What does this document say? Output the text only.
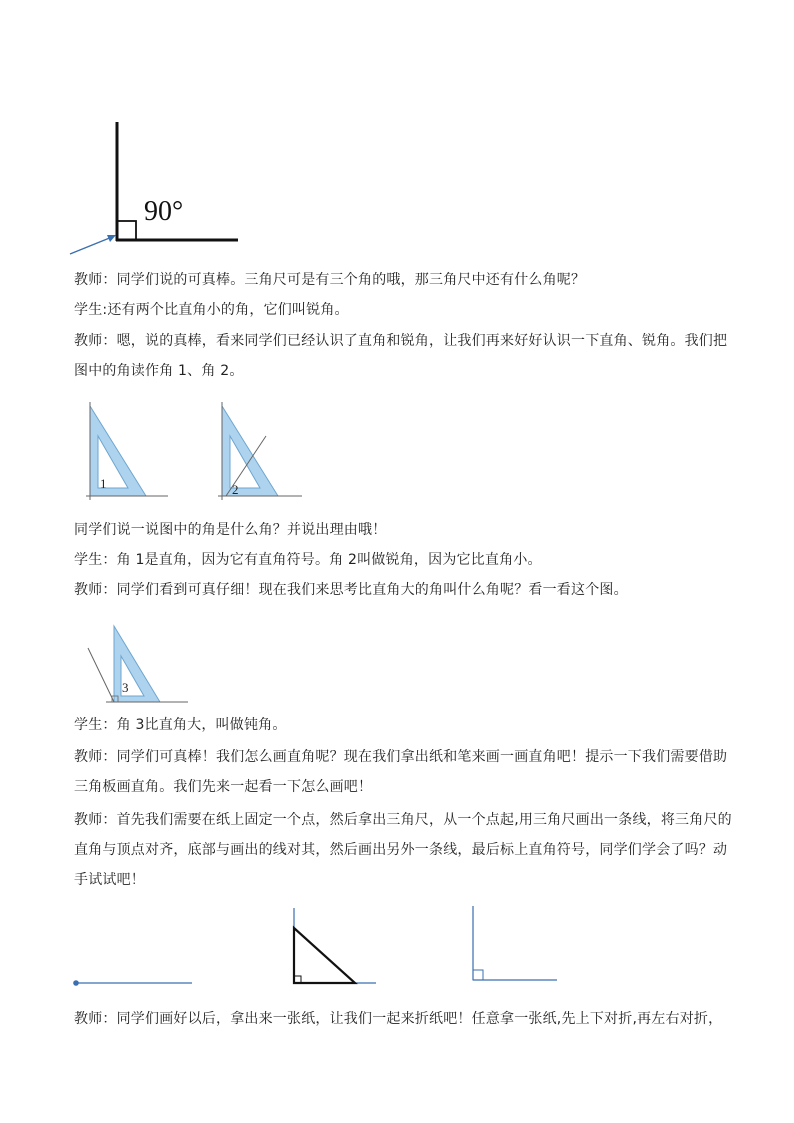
90°

教师：同学们说的可真棒。三角尺可是有三个角的哦，那三角尺中还有什么角呢？

学生:还有两个比直角小的角，它们叫锐角。

教师：嗯，说的真棒，看来同学们已经认识了直角和锐角，让我们再来好好认识一下直角、锐角。我们把图中的角读作角 1、角 2。

1	2

同学们说一说图中的角是什么角？并说出理由哦！

学生：角 1是直角，因为它有直角符号。角 2叫做锐角，因为它比直角小。

教师：同学们看到可真仔细！现在我们来思考比直角大的角叫什么角呢？看一看这个图。

3

学生：角 3比直角大，叫做钝角。

教师：同学们可真棒！我们怎么画直角呢？现在我们拿出纸和笔来画一画直角吧！提示一下我们需要借助三角板画直角。我们先来一起看一下怎么画吧！

教师：首先我们需要在纸上固定一个点，然后拿出三角尺，从一个点起,用三角尺画出一条线，将三角尺的直角与顶点对齐，底部与画出的线对其，然后画出另外一条线，最后标上直角符号，同学们学会了吗？动手试试吧！

教师：同学们画好以后，拿出来一张纸，让我们一起来折纸吧！任意拿一张纸,先上下对折,再左右对折，
